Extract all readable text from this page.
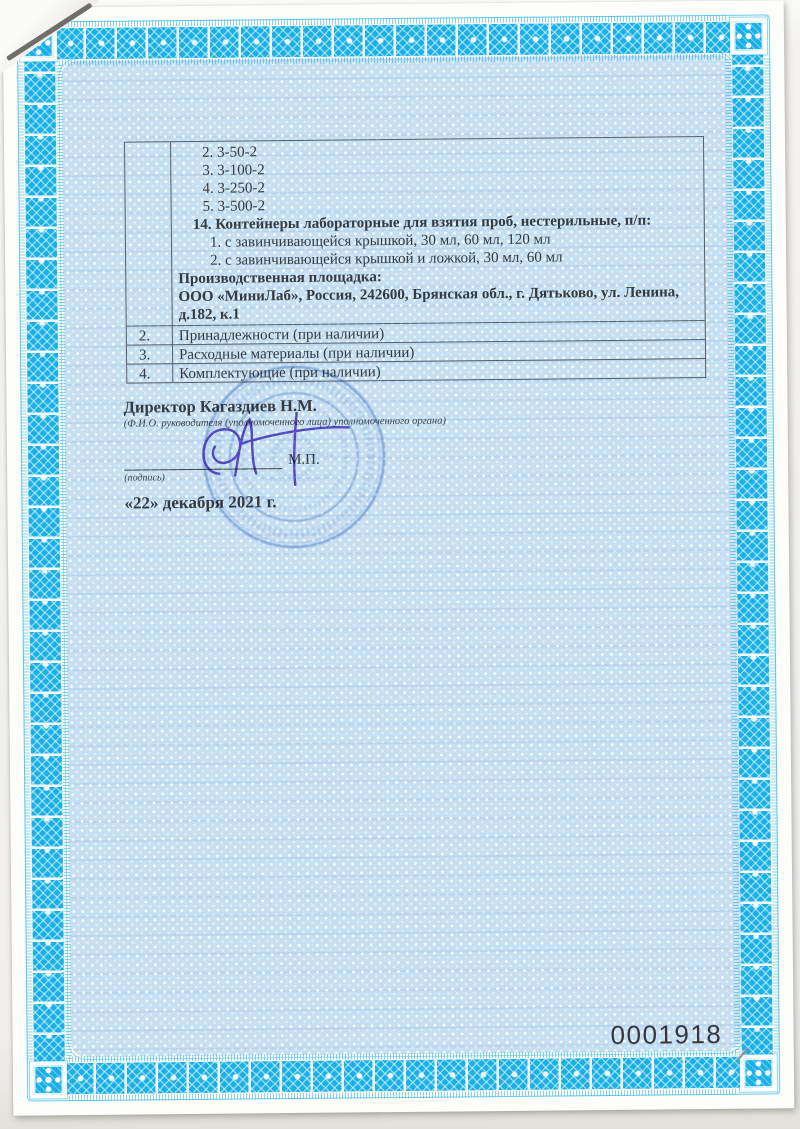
2. 3-50-2
3. 3-100-2
4. 3-250-2
5. 3-500-2
14. Контейнеры лабораторные для взятия проб, нестерильные, п/п:
1. с завинчивающейся крышкой, 30 мл, 60 мл, 120 мл
2. с завинчивающейся крышкой и ложкой, 30 мл, 60 мл
Производственная площадка:
ООО «МиниЛаб», Россия, 242600, Брянская обл., г. Дятьково, ул. Ленина,
д.182, к.1
2. Принадлежности (при наличии)
3. Расходные материалы (при наличии)
4. Комплектующие (при наличии)
Директор Кагаздиев Н.М.
(Ф.И.О. руководителя (уполномоченного лица) уполномоченного органа)
М.П.
(подпись)
«22» декабря 2021 г.
0001918
